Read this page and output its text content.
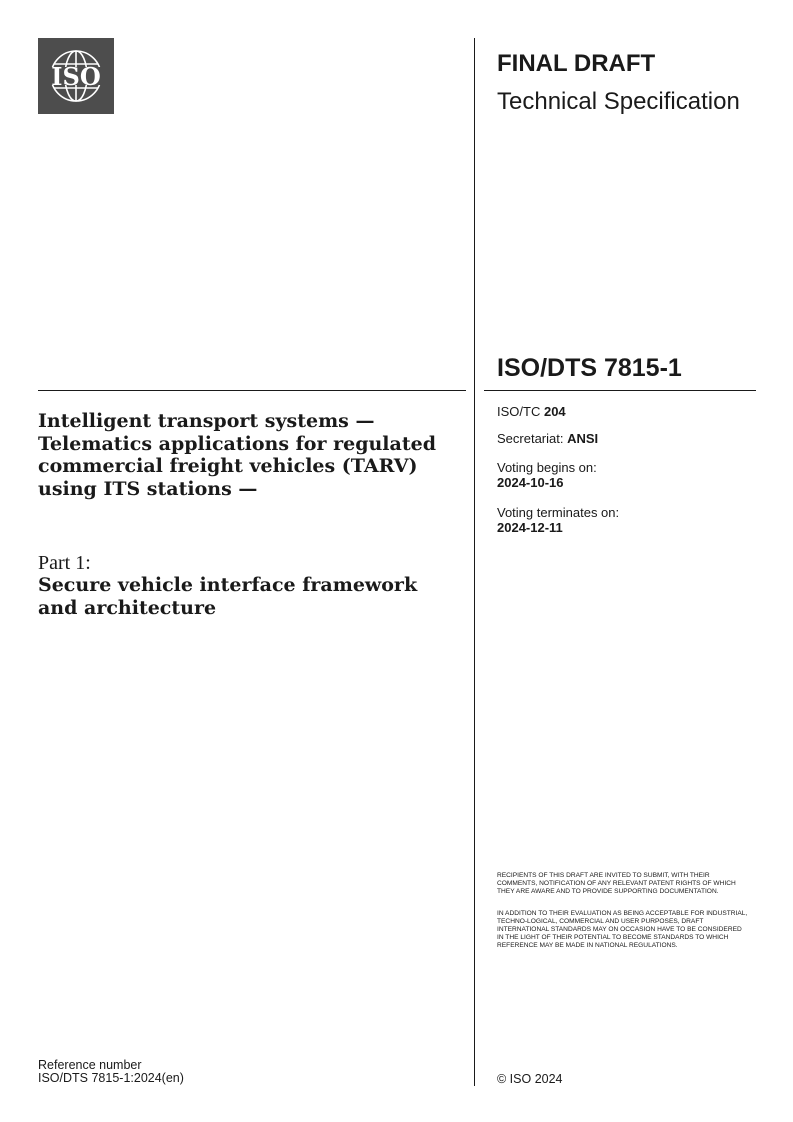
ISO	FINAL DRAFT
Technical Specification
ISO/DTS 7815-1
ISO/TC 204
Secretariat: ANSI
Voting begins on:
2024-10-16
Voting terminates on:
2024-12-11
Intelligent transport systems — Telematics applications for regulated commercial freight vehicles (TARV) using ITS stations —
Part 1:
Secure vehicle interface framework and architecture
RECIPIENTS OF THIS DRAFT ARE INVITED TO SUBMIT, WITH THEIR COMMENTS, NOTIFICATION OF ANY RELEVANT PATENT RIGHTS OF WHICH THEY ARE AWARE AND TO PROVIDE SUPPORTING DOCUMENTATION.
IN ADDITION TO THEIR EVALUATION AS BEING ACCEPTABLE FOR INDUSTRIAL, TECHNO-LOGICAL, COMMERCIAL AND USER PURPOSES, DRAFT INTERNATIONAL STANDARDS MAY ON OCCASION HAVE TO BE CONSIDERED IN THE LIGHT OF THEIR POTENTIAL TO BECOME STANDARDS TO WHICH REFERENCE MAY BE MADE IN NATIONAL REGULATIONS.
Reference number
ISO/DTS 7815-1:2024(en)	© ISO 2024
